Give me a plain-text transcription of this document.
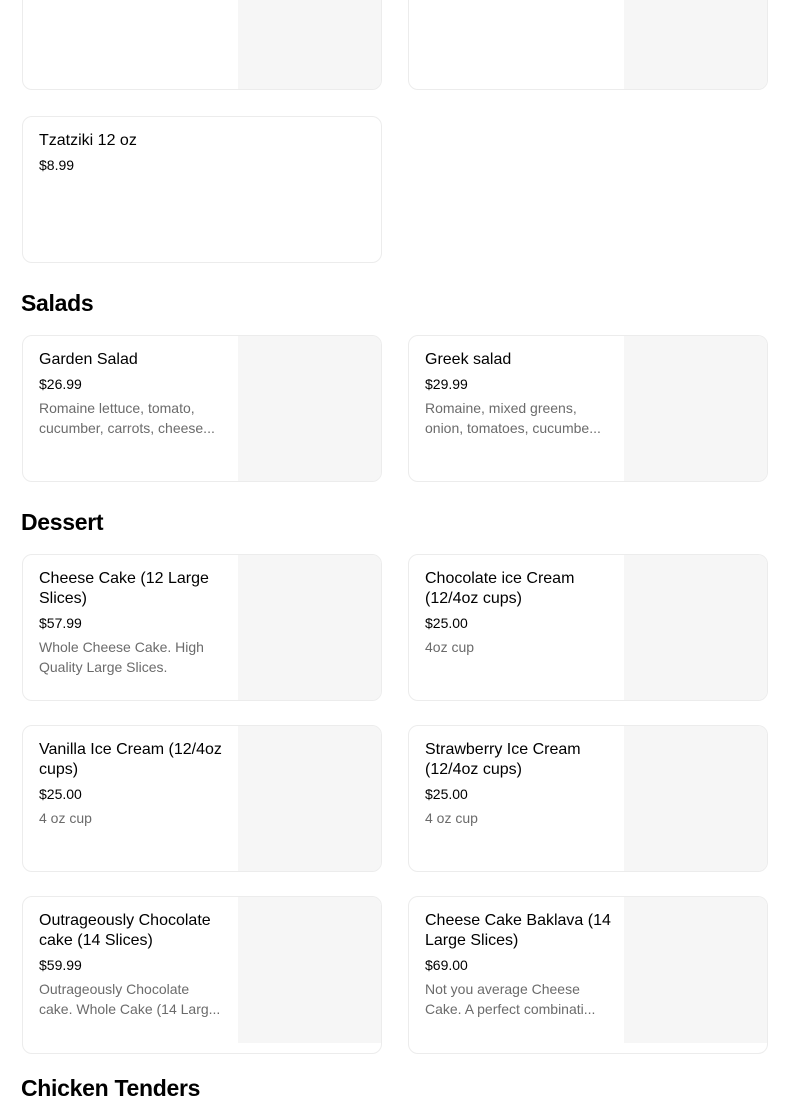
Tzatziki 12 oz
$8.99
Salads
Garden Salad
$26.99
Romaine lettuce, tomato, cucumber, carrots, cheese...
Greek salad
$29.99
Romaine, mixed greens, onion, tomatoes, cucumbe...
Dessert
Cheese Cake (12 Large Slices)
$57.99
Whole Cheese Cake. High Quality Large Slices.
Chocolate ice Cream (12/4oz cups)
$25.00
4oz cup
Vanilla Ice Cream (12/4oz cups)
$25.00
4 oz cup
Strawberry Ice Cream (12/4oz cups)
$25.00
4 oz cup
Outrageously Chocolate cake (14 Slices)
$59.99
Outrageously Chocolate cake. Whole Cake (14 Larg...
Cheese Cake Baklava (14 Large Slices)
$69.00
Not you average Cheese Cake. A perfect combinati...
Chicken Tenders
